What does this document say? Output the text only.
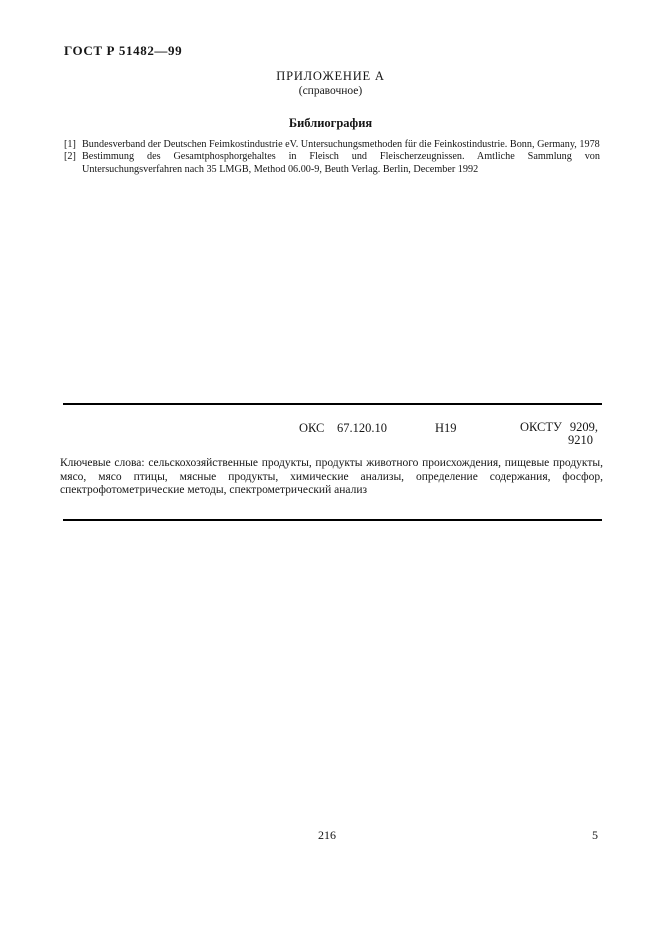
ГОСТ Р 51482—99
ПРИЛОЖЕНИЕ А
(справочное)
Библиография

[1] Bundesverband der Deutschen Feimkostindustrie eV. Untersuchungsmethoden für die Feinkostindustrie. Bonn, Germany, 1978

[2] Bestimmung des Gesamtphosphorgehaltes in Fleisch und Fleischerzeugnissen. Amtliche Sammlung von Untersuchungsverfahren nach 35 LMGB, Method 06.00-9, Beuth Verlag. Berlin, December 1992

ОКС 67.120.10	Н19	ОКСТУ 9209,
9210
Ключевые слова: сельскохозяйственные продукты, продукты животного происхождения, пищевые продукты, мясо, мясо птицы, мясные продукты, химические анализы, определение содержания, фосфор, спектрофотометрические методы, спектрометрический анализ
216	5
